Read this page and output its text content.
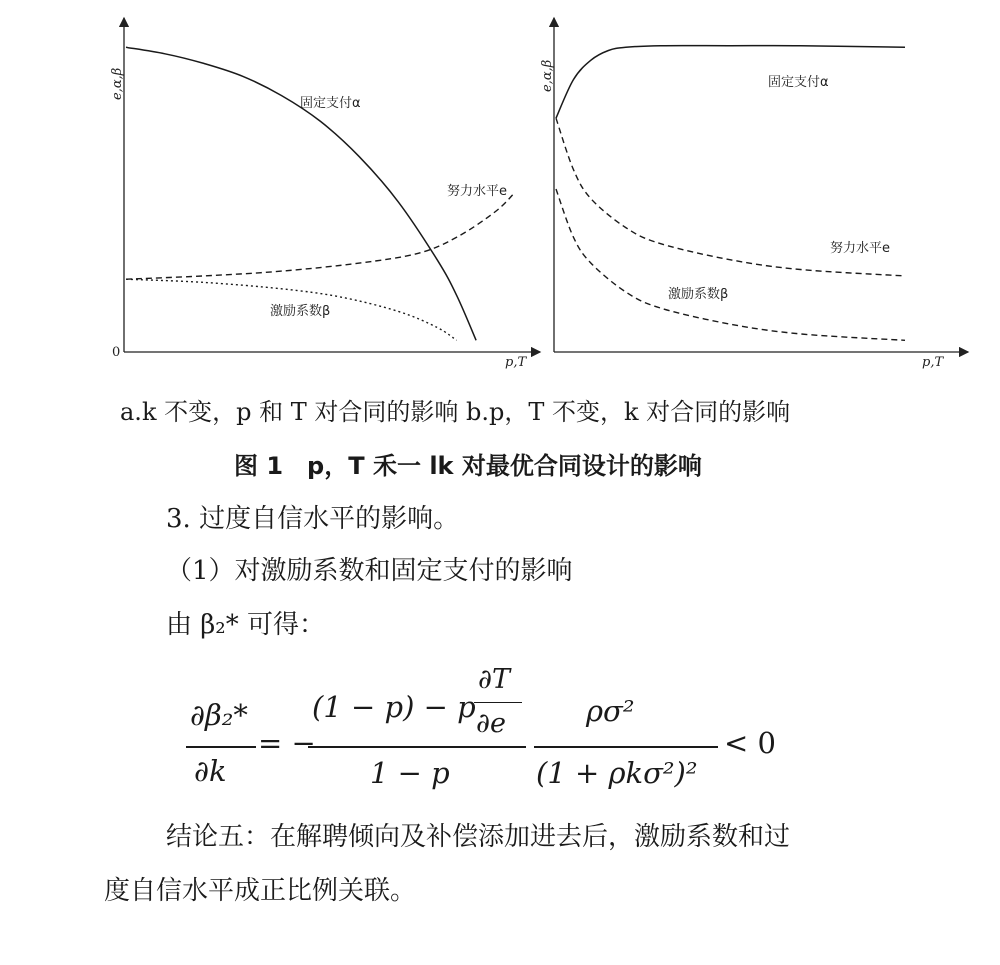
e,α,β
p,T
0
固定支付α
努力水平e
激励系数β
e,α,β
p,T
固定支付α
努力水平e
激励系数β
a.k 不变，p 和 T 对合同的影响 b.p，T 不变，k 对合同的影响
图 1　p，T 禾一 lk 对最优合同设计的影响
3. 过度自信水平的影响。
（1）对激励系数和固定支付的影响
由 β₂* 可得：
∂β₂*
∂k
= −
(1 − p) − p
∂T
∂e
1 − p
ρσ²
(1 + ρkσ²)²
< 0
结论五：在解聘倾向及补偿添加进去后，激励系数和过
度自信水平成正比例关联。
